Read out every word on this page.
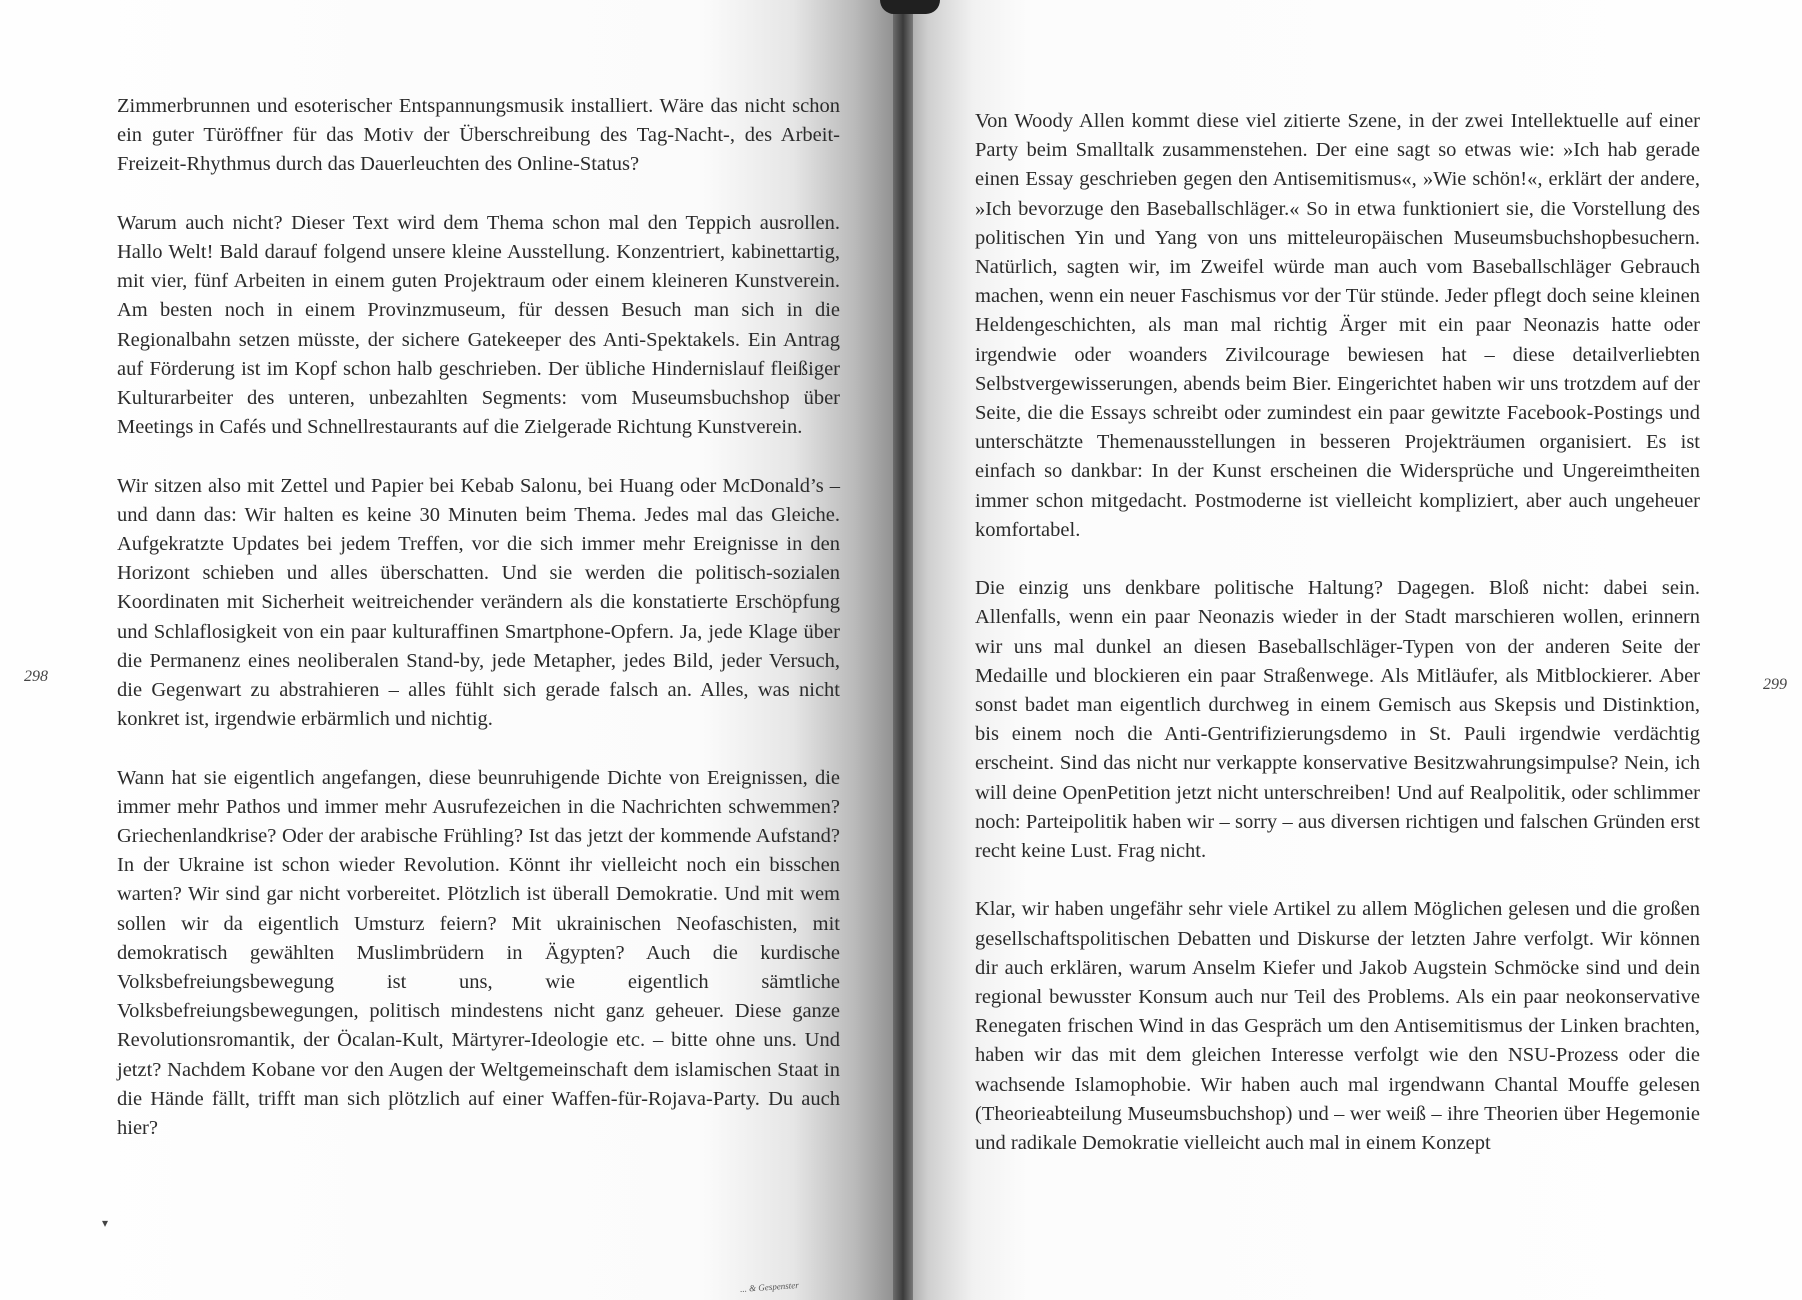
Zimmerbrunnen und esoterischer Entspannungsmusik installiert. Wäre das nicht schon ein guter Türöffner für das Motiv der Überschreibung des Tag-Nacht-, des Arbeit-Freizeit-Rhythmus durch das Dauerleuchten des Online-Status?

Warum auch nicht? Dieser Text wird dem Thema schon mal den Teppich ausrollen. Hallo Welt! Bald darauf folgend unsere kleine Ausstellung. Konzentriert, kabinettartig, mit vier, fünf Arbeiten in einem guten Projektraum oder einem kleineren Kunstverein. Am besten noch in einem Provinzmuseum, für dessen Besuch man sich in die Regionalbahn setzen müsste, der sichere Gatekeeper des Anti-Spektakels. Ein Antrag auf Förderung ist im Kopf schon halb geschrieben. Der übliche Hindernislauf fleißiger Kulturarbeiter des unteren, unbezahlten Segments: vom Museumsbuchshop über Meetings in Cafés und Schnellrestaurants auf die Zielgerade Richtung Kunstverein.

Wir sitzen also mit Zettel und Papier bei Kebab Salonu, bei Huang oder McDonald’s – und dann das: Wir halten es keine 30 Minuten beim Thema. Jedes mal das Gleiche. Aufgekratzte Updates bei jedem Treffen, vor die sich immer mehr Ereignisse in den Horizont schieben und alles überschatten. Und sie werden die politisch-sozialen Koordinaten mit Sicherheit weitreichender verändern als die konstatierte Erschöpfung und Schlaflosigkeit von ein paar kulturaffinen Smartphone-Opfern. Ja, jede Klage über die Permanenz eines neoliberalen Stand-by, jede Metapher, jedes Bild, jeder Versuch, die Gegenwart zu abstrahieren – alles fühlt sich gerade falsch an. Alles, was nicht konkret ist, irgendwie erbärmlich und nichtig.

Wann hat sie eigentlich angefangen, diese beunruhigende Dichte von Ereignissen, die immer mehr Pathos und immer mehr Ausrufezeichen in die Nachrichten schwemmen? Griechenlandkrise? Oder der arabische Frühling? Ist das jetzt der kommende Aufstand? In der Ukraine ist schon wieder Revolution. Könnt ihr vielleicht noch ein bisschen warten? Wir sind gar nicht vorbereitet. Plötzlich ist überall Demokratie. Und mit wem sollen wir da eigentlich Umsturz feiern? Mit ukrainischen Neofaschisten, mit demokratisch gewählten Muslimbrüdern in Ägypten? Auch die kurdische Volksbefreiungsbewegung ist uns, wie eigentlich sämtliche Volksbefreiungsbewegungen, politisch mindestens nicht ganz geheuer. Diese ganze Revolutionsromantik, der Öcalan-Kult, Märtyrer-Ideologie etc. – bitte ohne uns. Und jetzt? Nachdem Kobane vor den Augen der Weltgemeinschaft dem islamischen Staat in die Hände fällt, trifft man sich plötzlich auf einer Waffen-für-Rojava-Party. Du auch hier?

298
▾
... & Gespenster

Von Woody Allen kommt diese viel zitierte Szene, in der zwei Intellektuelle auf einer Party beim Smalltalk zusammenstehen. Der eine sagt so etwas wie: »Ich hab gerade einen Essay geschrieben gegen den Antisemitismus«, »Wie schön!«, erklärt der andere, »Ich bevorzuge den Baseballschläger.« So in etwa funktioniert sie, die Vorstellung des politischen Yin und Yang von uns mitteleuropäischen Museumsbuchshopbesuchern. Natürlich, sagten wir, im Zweifel würde man auch vom Baseballschläger Gebrauch machen, wenn ein neuer Faschismus vor der Tür stünde. Jeder pflegt doch seine kleinen Heldengeschichten, als man mal richtig Ärger mit ein paar Neonazis hatte oder irgendwie oder woanders Zivilcourage bewiesen hat – diese detailverliebten Selbstvergewisserungen, abends beim Bier. Eingerichtet haben wir uns trotzdem auf der Seite, die die Essays schreibt oder zumindest ein paar gewitzte Facebook-Postings und unterschätzte Themenausstellungen in besseren Projekträumen organisiert. Es ist einfach so dankbar: In der Kunst erscheinen die Widersprüche und Ungereimtheiten immer schon mitgedacht. Postmoderne ist vielleicht kompliziert, aber auch ungeheuer komfortabel.

Die einzig uns denkbare politische Haltung? Dagegen. Bloß nicht: dabei sein. Allenfalls, wenn ein paar Neonazis wieder in der Stadt marschieren wollen, erinnern wir uns mal dunkel an diesen Baseballschläger-Typen von der anderen Seite der Medaille und blockieren ein paar Straßenwege. Als Mitläufer, als Mitblockierer. Aber sonst badet man eigentlich durchweg in einem Gemisch aus Skepsis und Distinktion, bis einem noch die Anti-Gentrifizierungsdemo in St. Pauli irgendwie verdächtig erscheint. Sind das nicht nur verkappte konservative Besitzwahrungsimpulse? Nein, ich will deine OpenPetition jetzt nicht unterschreiben! Und auf Realpolitik, oder schlimmer noch: Parteipolitik haben wir – sorry – aus diversen richtigen und falschen Gründen erst recht keine Lust. Frag nicht.

Klar, wir haben ungefähr sehr viele Artikel zu allem Möglichen gelesen und die großen gesellschaftspolitischen Debatten und Diskurse der letzten Jahre verfolgt. Wir können dir auch erklären, warum Anselm Kiefer und Jakob Augstein Schmöcke sind und dein regional bewusster Konsum auch nur Teil des Problems. Als ein paar neokonservative Renegaten frischen Wind in das Gespräch um den Antisemitismus der Linken brachten, haben wir das mit dem gleichen Interesse verfolgt wie den NSU-Prozess oder die wachsende Islamophobie. Wir haben auch mal irgendwann Chantal Mouffe gelesen (Theorieabteilung Museumsbuchshop) und – wer weiß – ihre Theorien über Hegemonie und radikale Demokratie vielleicht auch mal in einem Konzept

299
